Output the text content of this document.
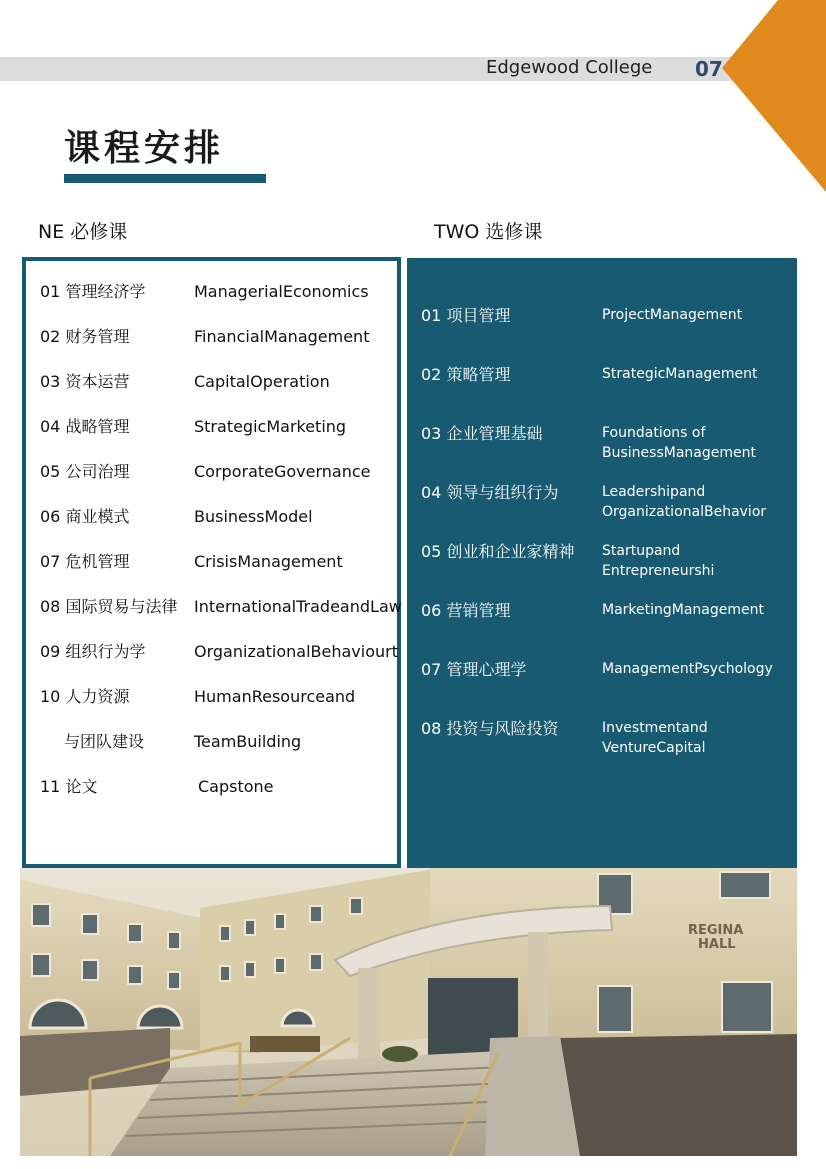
Edgewood College 07
课程安排
NE 必修课	TWO 选修课
01 管理经济学	ManagerialEconomics
02 财务管理	FinancialManagement
03 资本运营	CapitalOperation
04 战略管理	StrategicMarketing
05 公司治理	CorporateGovernance
06 商业模式	BusinessModel
07 危机管理	CrisisManagement
08 国际贸易与法律 InternationalTradeandLaw
09 组织行为学	OrganizationalBehaviourt
10 人力资源	HumanResourceand
与团队建设	TeamBuilding
11 论文	Capstone
01 项目管理	ProjectManagement
02 策略管理	StrategicManagement
03 企业管理基础	Foundations of
BusinessManagement
04 领导与组织行为	Leadershipand
OrganizationalBehavior
05 创业和企业家精神 Startupand
Entrepreneurshi
06 营销管理	MarketingManagement
07 管理心理学	ManagementPsychology
08 投资与风险投资	Investmentand
VentureCapital
REGINA
HALL
